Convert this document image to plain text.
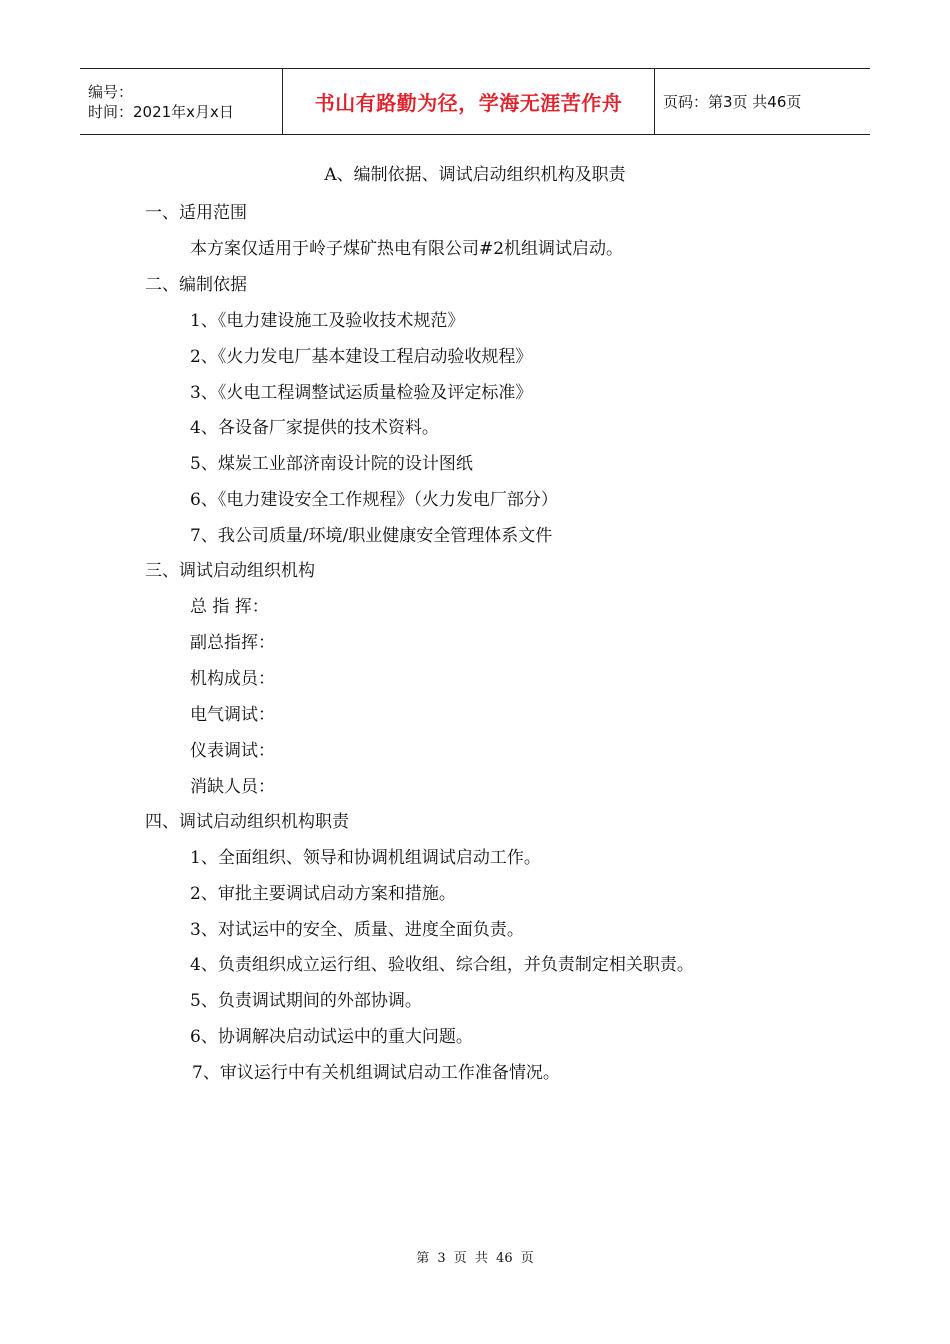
编号：
时间：2021年x月x日	书山有路勤为径，学海无涯苦作舟	页码：第3页 共46页
A、编制依据、调试启动组织机构及职责
一、适用范围
本方案仅适用于岭子煤矿热电有限公司#2机组调试启动。
二、编制依据
1、《电力建设施工及验收技术规范》
2、《火力发电厂基本建设工程启动验收规程》
3、《火电工程调整试运质量检验及评定标准》
4、各设备厂家提供的技术资料。
5、煤炭工业部济南设计院的设计图纸
6、《电力建设安全工作规程》（火力发电厂部分）
7、我公司质量/环境/职业健康安全管理体系文件
三、调试启动组织机构
总 指 挥：
副总指挥：
机构成员：
电气调试：
仪表调试：
消缺人员：
四、调试启动组织机构职责
1、全面组织、领导和协调机组调试启动工作。
2、审批主要调试启动方案和措施。
3、对试运中的安全、质量、进度全面负责。
4、负责组织成立运行组、验收组、综合组，并负责制定相关职责。
5、负责调试期间的外部协调。
6、协调解决启动试运中的重大问题。
7、审议运行中有关机组调试启动工作准备情况。
第 3 页 共 46 页
